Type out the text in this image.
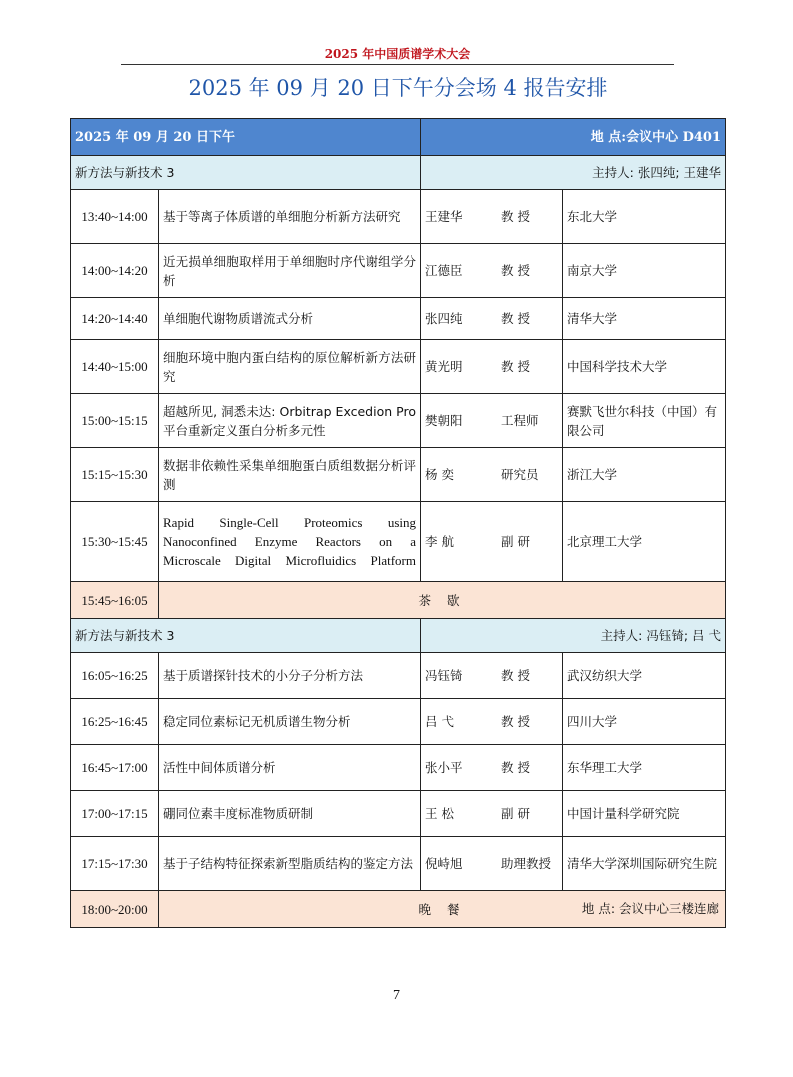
2025 年中国质谱学术大会
2025 年 09 月 20 日下午分会场 4 报告安排
2025 年 09 月 20 日下午		地 点:会议中心 D401	
新方法与新技术 3		主持人: 张四纯; 王建华	
13:40~14:00	基于等离子体质谱的单细胞分析新方法研究	王建华 教 授	东北大学
14:00~14:20	近无损单细胞取样用于单细胞时序代谢组学分析	江德臣 教 授	南京大学
14:20~14:40	单细胞代谢物质谱流式分析	张四纯 教 授	清华大学
14:40~15:00	细胞环境中胞内蛋白结构的原位解析新方法研究	黄光明 教 授	中国科学技术大学
15:00~15:15	超越所见, 洞悉未达: Orbitrap Excedion Pro 平台重新定义蛋白分析多元性	樊朝阳 工程师	赛默飞世尔科技（中国）有限公司
15:15~15:30	数据非依赖性采集单细胞蛋白质组数据分析评测	杨 奕 研究员	浙江大学
15:30~15:45	Rapid Single-Cell Proteomics using Nanoconfined Enzyme Reactors on a Microscale Digital Microfluidics Platform	李 航 副 研	北京理工大学
15:45~16:05	茶 歇		
新方法与新技术 3		主持人: 冯钰锜; 吕 弋	
16:05~16:25	基于质谱探针技术的小分子分析方法	冯钰锜 教 授	武汉纺织大学
16:25~16:45	稳定同位素标记无机质谱生物分析	吕 弋 教 授	四川大学
16:45~17:00	活性中间体质谱分析	张小平 教 授	东华理工大学
17:00~17:15	硼同位素丰度标准物质研制	王 松 副 研	中国计量科学研究院
17:15~17:30	基于子结构特征探索新型脂质结构的鉴定方法	倪峙旭 助理教授	清华大学深圳国际研究生院
18:00~20:00	晚 餐 地 点: 会议中心三楼连廊		
7
